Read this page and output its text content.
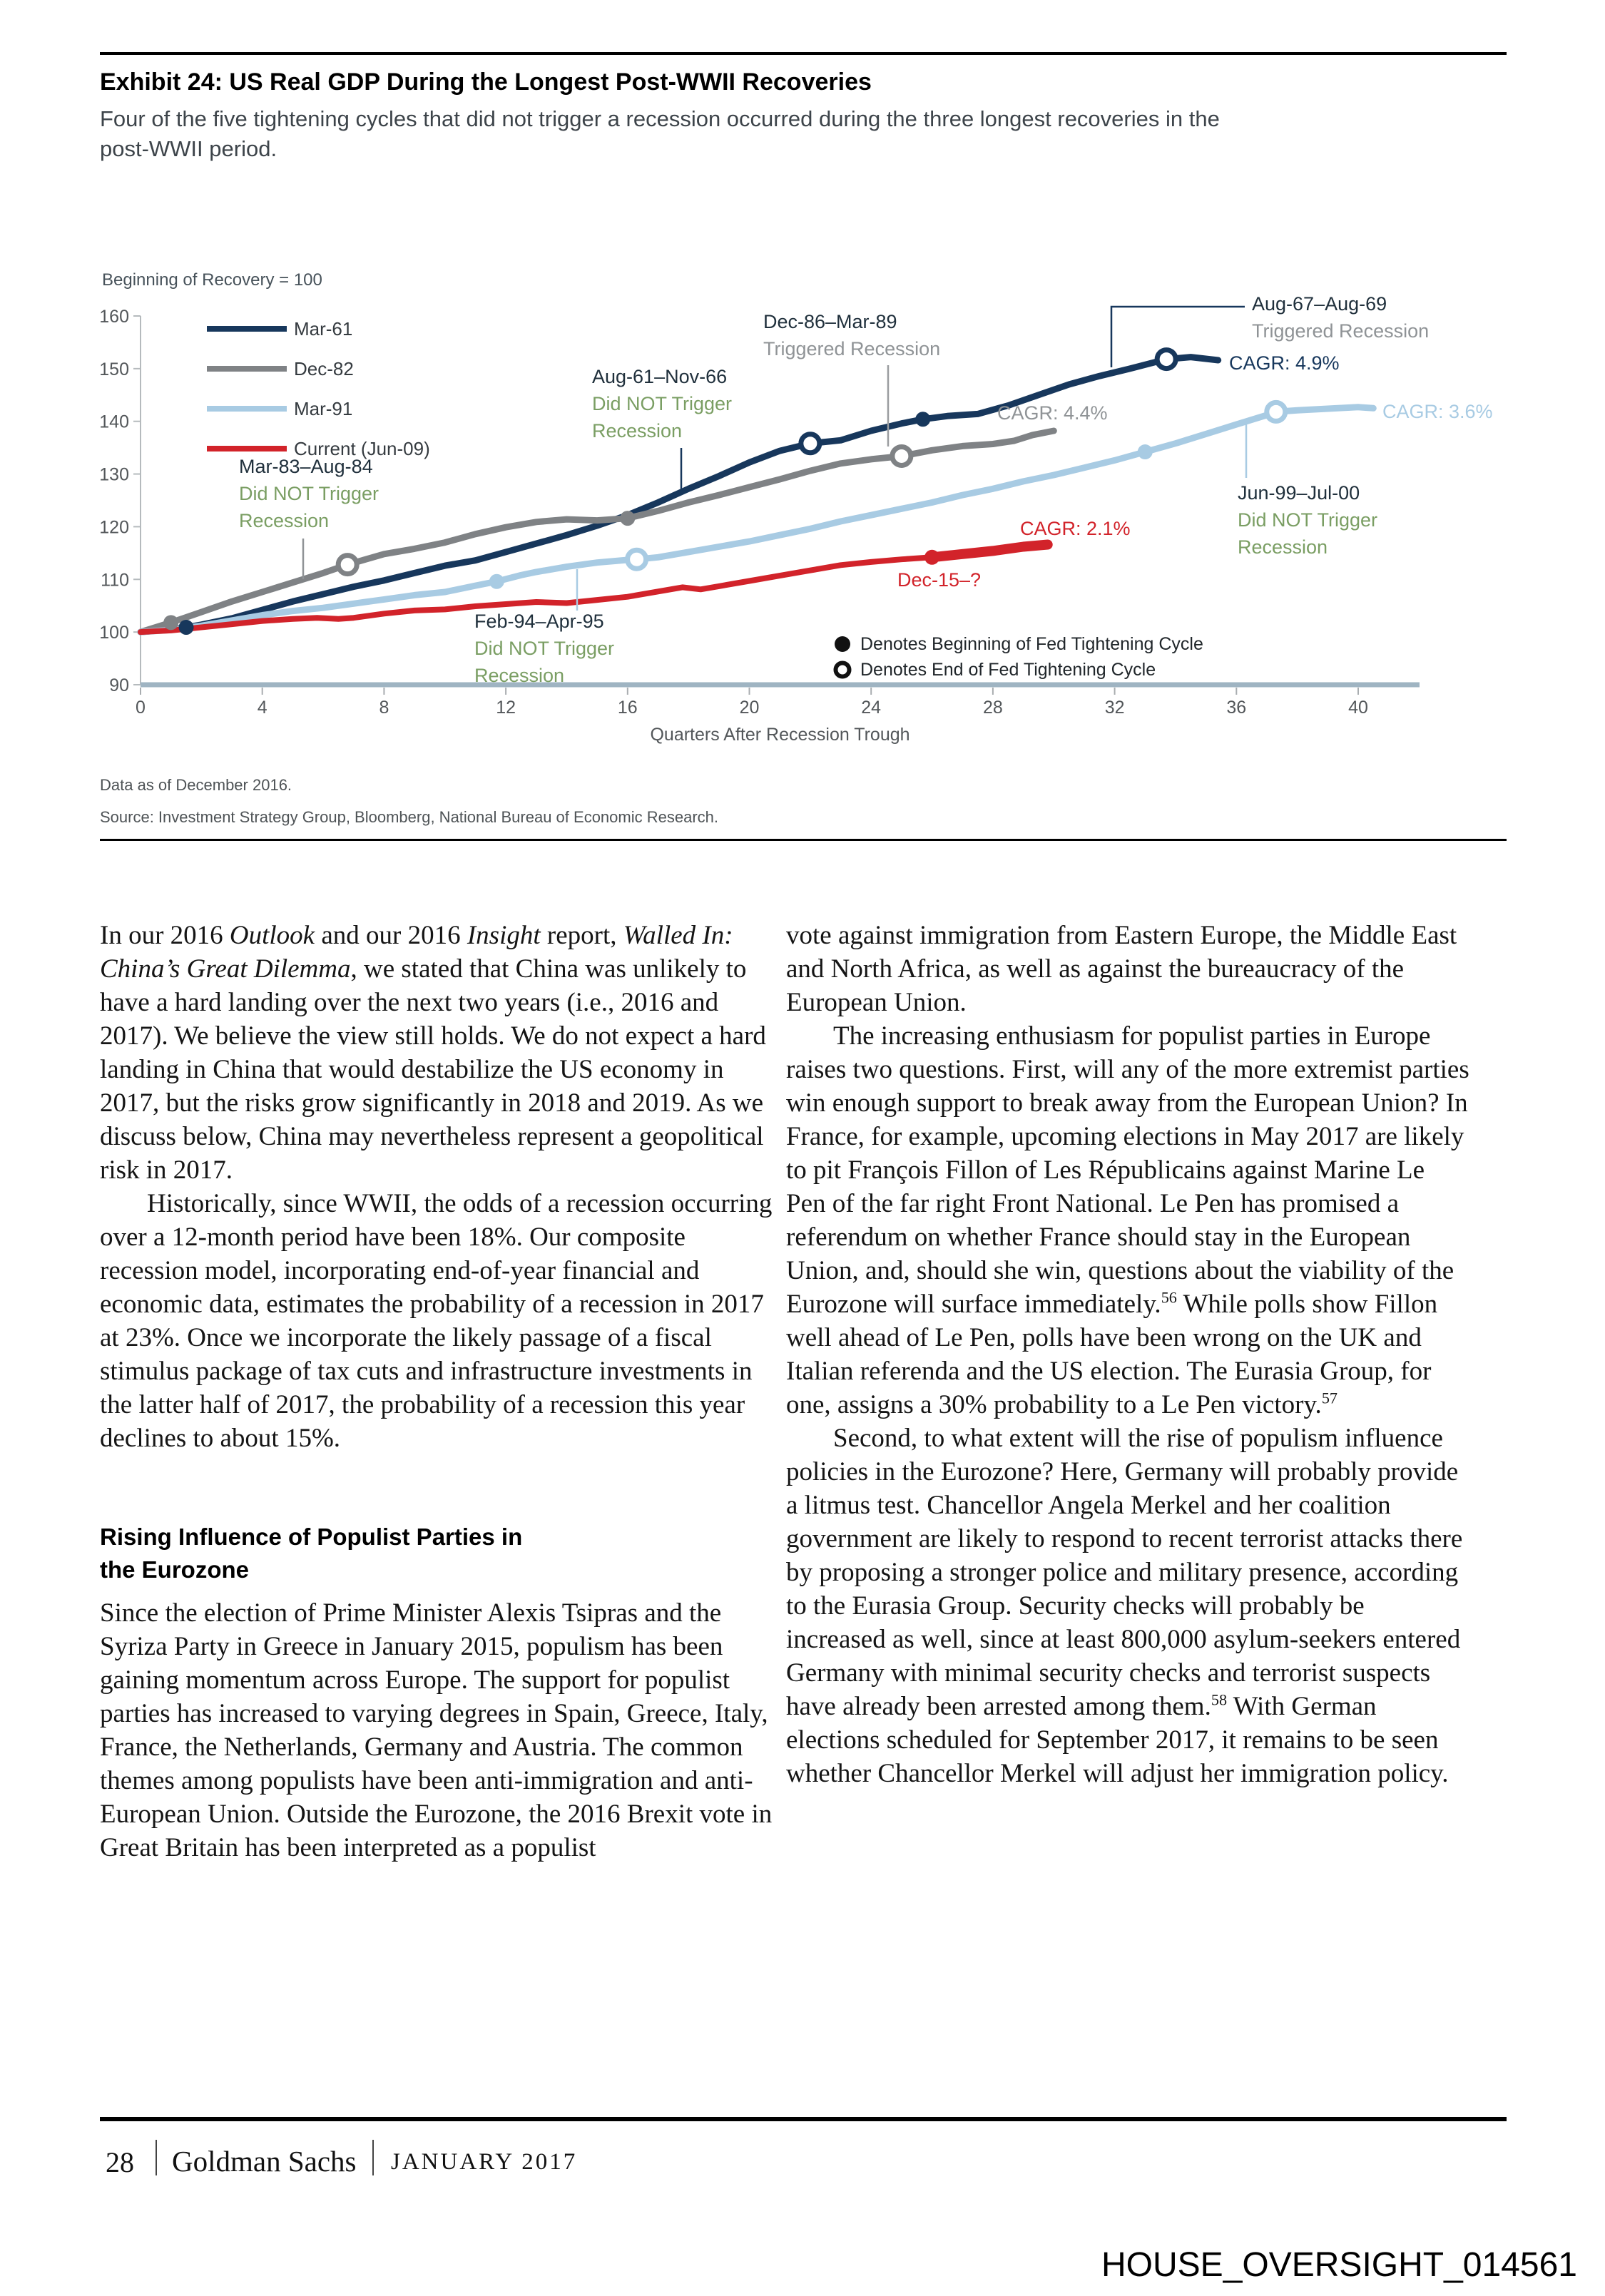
Exhibit 24: US Real GDP During the Longest Post-WWII Recoveries
Four of the five tightening cycles that did not trigger a recession occurred during the three longest recoveries in the
post-WWII period.
Beginning of Recovery = 100
90
100
110
120
130
140
150
160
0	4	8	12	16	20	24	28	32	36	40
Quarters After Recession Trough
Mar-83–Aug-84
Did NOT Trigger
Recession
Aug-61–Nov-66
Did NOT Trigger
Recession
Dec-86–Mar-89
Triggered Recession
Aug-67–Aug-69
Triggered Recession
Jun-99–Jul-00
Did NOT Trigger
Recession
Feb-94–Apr-95
Did NOT Trigger
Recession
CAGR: 4.9%
CAGR: 4.4%	CAGR: 3.6%
CAGR: 2.1%
Dec-15–?
Mar-61
Dec-82
Mar-91
Current (Jun-09)
Denotes Beginning of Fed Tightening Cycle
Denotes End of Fed Tightening Cycle
Data as of December 2016.
Source: Investment Strategy Group, Bloomberg, National Bureau of Economic Research.

In our 2016 Outlook and our 2016 Insight report, Walled In: China’s Great Dilemma, we stated that China was unlikely to have a hard landing over the next two years (i.e., 2016 and 2017). We believe the view still holds. We do not expect a hard landing in China that would destabilize the US economy in 2017, but the risks grow significantly in 2018 and 2019. As we discuss below, China may nevertheless represent a geopolitical risk in 2017.

Historically, since WWII, the odds of a recession occurring over a 12-month period have been 18%. Our composite recession model, incorporating end-of-year financial and economic data, estimates the probability of a recession in 2017 at 23%. Once we incorporate the likely passage of a fiscal stimulus package of tax cuts and infrastructure investments in the latter half of 2017, the probability of a recession this year declines to about 15%.

Rising Influence of Populist Parties in
the Eurozone

Since the election of Prime Minister Alexis Tsipras and the Syriza Party in Greece in January 2015, populism has been gaining momentum across Europe. The support for populist parties has increased to varying degrees in Spain, Greece, Italy, France, the Netherlands, Germany and Austria. The common themes among populists have been anti-immigration and anti-European Union. Outside the Eurozone, the 2016 Brexit vote in Great Britain has been interpreted as a populist

vote against immigration from Eastern Europe, the Middle East and North Africa, as well as against the bureaucracy of the European Union.

The increasing enthusiasm for populist parties in Europe raises two questions. First, will any of the more extremist parties win enough support to break away from the European Union? In France, for example, upcoming elections in May 2017 are likely to pit François Fillon of Les Républicains against Marine Le Pen of the far right Front National. Le Pen has promised a referendum on whether France should stay in the European Union, and, should she win, questions about the viability of the Eurozone will surface immediately.$^{56}$ While polls show Fillon well ahead of Le Pen, polls have been wrong on the UK and Italian referenda and the US election. The Eurasia Group, for one, assigns a 30% probability to a Le Pen victory.$^{57}$

Second, to what extent will the rise of populism influence policies in the Eurozone? Here, Germany will probably provide a litmus test. Chancellor Angela Merkel and her coalition government are likely to respond to recent terrorist attacks there by proposing a stronger police and military presence, according to the Eurasia Group. Security checks will probably be increased as well, since at least 800,000 asylum-seekers entered Germany with minimal security checks and terrorist suspects have already been arrested among them.$^{58}$ With German elections scheduled for September 2017, it remains to be seen whether Chancellor Merkel will adjust her immigration policy.

28 Goldman Sachs JANUARY 2017
HOUSE_OVERSIGHT_014561
